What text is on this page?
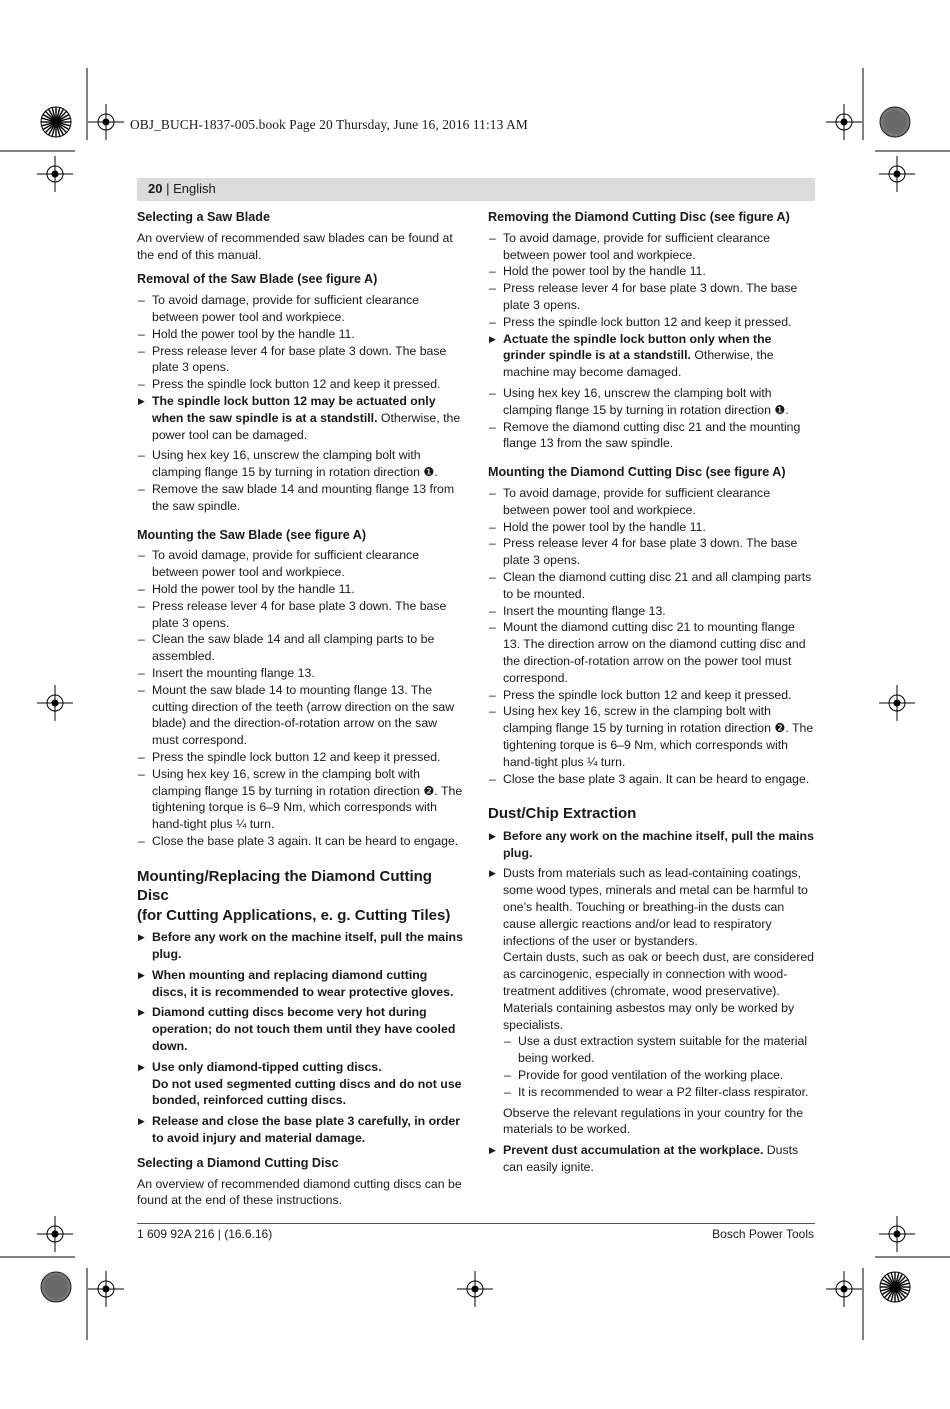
OBJ_BUCH-1837-005.book Page 20 Thursday, June 16, 2016 11:13 AM
20 | English

Selecting a Saw Blade

An overview of recommended saw blades can be found at the end of this manual.

Removal of the Saw Blade (see figure A)

– To avoid damage, provide for sufficient clearance between power tool and workpiece.
– Hold the power tool by the handle 11.
– Press release lever 4 for base plate 3 down. The base plate 3 opens.
– Press the spindle lock button 12 and keep it pressed.

▶ The spindle lock button 12 may be actuated only when the saw spindle is at a standstill. Otherwise, the power tool can be damaged.

– Using hex key 16, unscrew the clamping bolt with clamping flange 15 by turning in rotation direction ❶.
– Remove the saw blade 14 and mounting flange 13 from the saw spindle.

Mounting the Saw Blade (see figure A)

– To avoid damage, provide for sufficient clearance between power tool and workpiece.
– Hold the power tool by the handle 11.
– Press release lever 4 for base plate 3 down. The base plate 3 opens.
– Clean the saw blade 14 and all clamping parts to be assembled.
– Insert the mounting flange 13.
– Mount the saw blade 14 to mounting flange 13. The cutting direction of the teeth (arrow direction on the saw blade) and the direction-of-rotation arrow on the saw must correspond.
– Press the spindle lock button 12 and keep it pressed.
– Using hex key 16, screw in the clamping bolt with clamping flange 15 by turning in rotation direction ❷. The tightening torque is 6–9 Nm, which corresponds with hand-tight plus ¼ turn.
– Close the base plate 3 again. It can be heard to engage.

Mounting/Replacing the Diamond Cutting Disc
(for Cutting Applications, e. g. Cutting Tiles)

▶ Before any work on the machine itself, pull the mains plug.

▶ When mounting and replacing diamond cutting discs, it is recommended to wear protective gloves.

▶ Diamond cutting discs become very hot during operation; do not touch them until they have cooled down.

▶ Use only diamond-tipped cutting discs.
Do not used segmented cutting discs and do not use bonded, reinforced cutting discs.

▶ Release and close the base plate 3 carefully, in order to avoid injury and material damage.

Selecting a Diamond Cutting Disc

An overview of recommended diamond cutting discs can be found at the end of these instructions.

Removing the Diamond Cutting Disc (see figure A)

– To avoid damage, provide for sufficient clearance between power tool and workpiece.
– Hold the power tool by the handle 11.
– Press release lever 4 for base plate 3 down. The base plate 3 opens.
– Press the spindle lock button 12 and keep it pressed.

▶ Actuate the spindle lock button only when the grinder spindle is at a standstill. Otherwise, the machine may become damaged.

– Using hex key 16, unscrew the clamping bolt with clamping flange 15 by turning in rotation direction ❶.
– Remove the diamond cutting disc 21 and the mounting flange 13 from the saw spindle.

Mounting the Diamond Cutting Disc (see figure A)

– To avoid damage, provide for sufficient clearance between power tool and workpiece.
– Hold the power tool by the handle 11.
– Press release lever 4 for base plate 3 down. The base plate 3 opens.
– Clean the diamond cutting disc 21 and all clamping parts to be mounted.
– Insert the mounting flange 13.
– Mount the diamond cutting disc 21 to mounting flange 13. The direction arrow on the diamond cutting disc and the direction-of-rotation arrow on the power tool must correspond.
– Press the spindle lock button 12 and keep it pressed.
– Using hex key 16, screw in the clamping bolt with clamping flange 15 by turning in rotation direction ❷. The tightening torque is 6–9 Nm, which corresponds with hand-tight plus ¼ turn.
– Close the base plate 3 again. It can be heard to engage.

Dust/Chip Extraction

▶ Before any work on the machine itself, pull the mains plug.

▶ Dusts from materials such as lead-containing coatings, some wood types, minerals and metal can be harmful to one’s health. Touching or breathing-in the dusts can cause allergic reactions and/or lead to respiratory infections of the user or bystanders.

Certain dusts, such as oak or beech dust, are considered as carcinogenic, especially in connection with wood-treatment additives (chromate, wood preservative). Materials containing asbestos may only be worked by specialists.

– Use a dust extraction system suitable for the material being worked.
– Provide for good ventilation of the working place.
– It is recommended to wear a P2 filter-class respirator.

Observe the relevant regulations in your country for the materials to be worked.

▶ Prevent dust accumulation at the workplace. Dusts can easily ignite.

1 609 92A 216 | (16.6.16)	Bosch Power Tools
